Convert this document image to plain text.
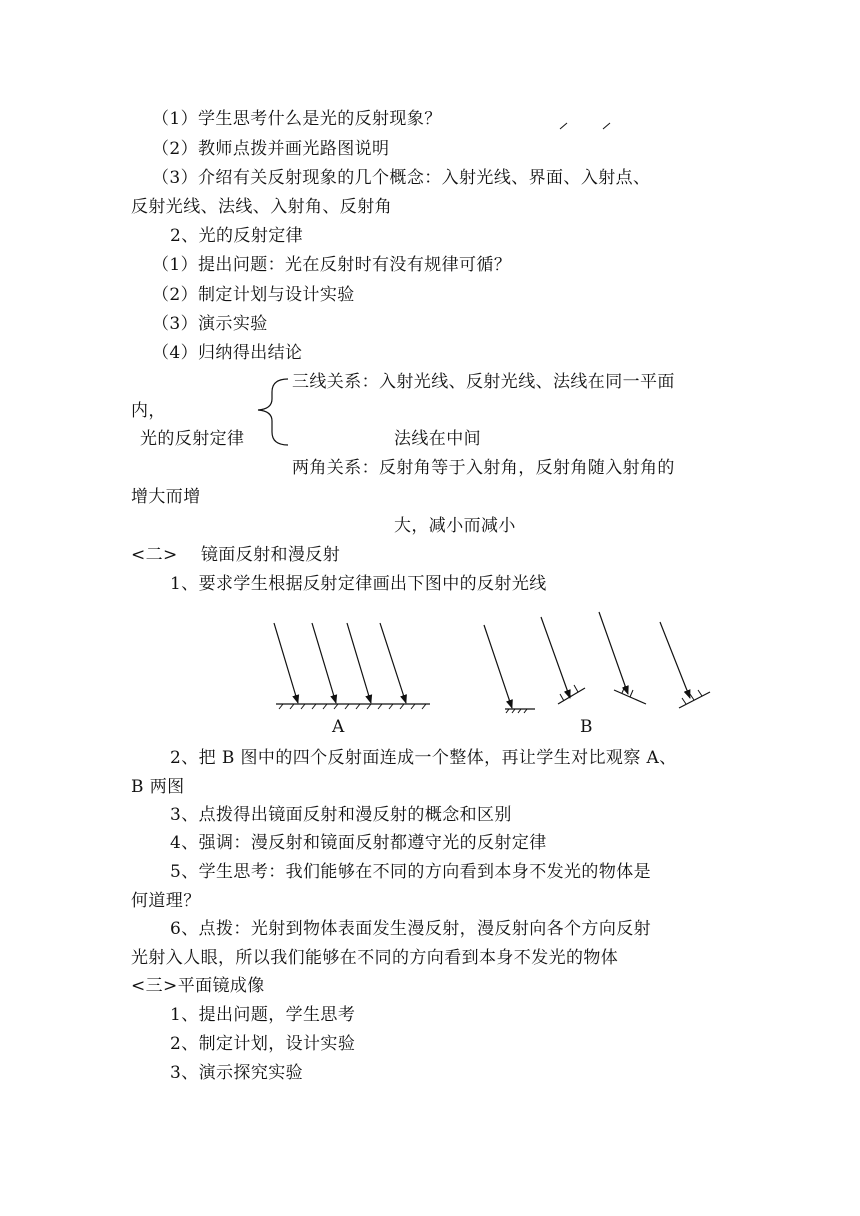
（1）学生思考什么是光的反射现象？
（2）教师点拨并画光路图说明
（3）介绍有关反射现象的几个概念：入射光线、界面、入射点、
反射光线、法线、入射角、反射角
2、光的反射定律
（1）提出问题：光在反射时有没有规律可循？
（2）制定计划与设计实验
（3）演示实验
（4）归纳得出结论
三线关系：入射光线、反射光线、法线在同一平面
内，
光的反射定律	法线在中间
两角关系：反射角等于入射角，反射角随入射角的
增大而增
大，减小而减小
<二>    镜面反射和漫反射
1、要求学生根据反射定律画出下图中的反射光线
A	B
2、把 B 图中的四个反射面连成一个整体，再让学生对比观察 A、
B 两图
3、点拨得出镜面反射和漫反射的概念和区别
4、强调：漫反射和镜面反射都遵守光的反射定律
5、学生思考：我们能够在不同的方向看到本身不发光的物体是
何道理？
6、点拨：光射到物体表面发生漫反射，漫反射向各个方向反射
光射入人眼，所以我们能够在不同的方向看到本身不发光的物体
<三>平面镜成像
1、提出问题，学生思考
2、制定计划，设计实验
3、演示探究实验
